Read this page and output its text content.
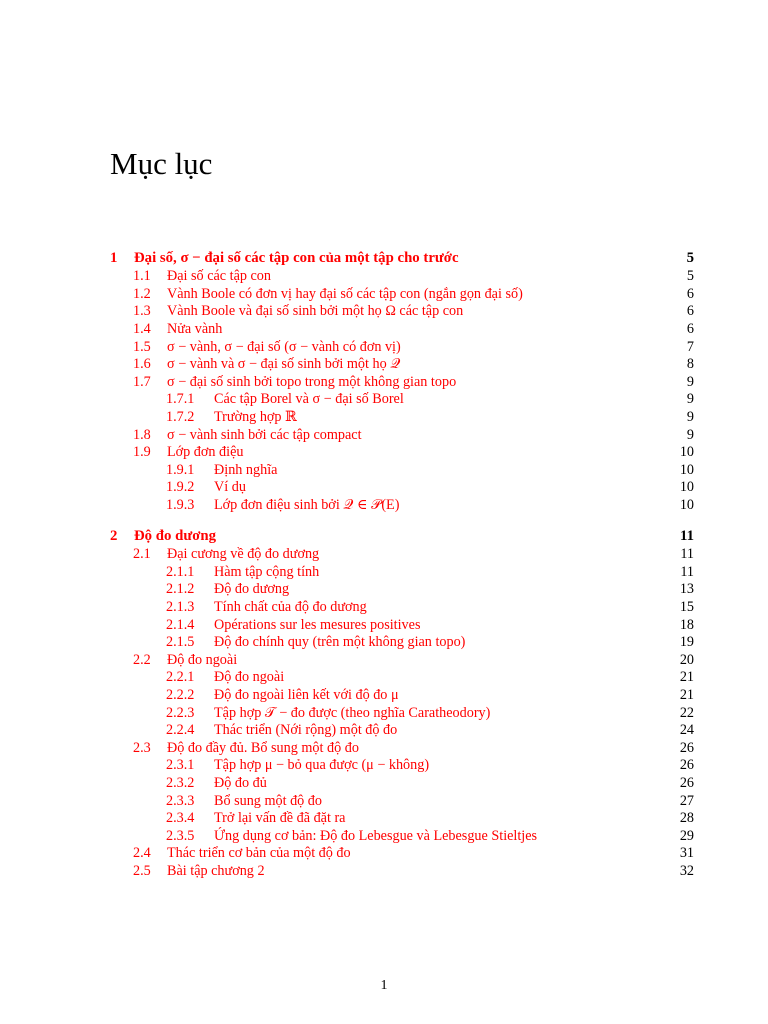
Mục lục
1	Đại số, σ − đại số các tập con của một tập cho trước	5
1.1	Đại số các tập con	5
1.2	Vành Boole có đơn vị hay đại số các tập con (ngắn gọn đại số)	6
1.3	Vành Boole và đại số sinh bởi một họ Ω các tập con	6
1.4	Nửa vành	6
1.5	σ − vành, σ − đại số (σ − vành có đơn vị)	7
1.6	σ − vành và σ − đại số sinh bởi một họ 𝒬	8
1.7	σ − đại số sinh bởi topo trong một không gian topo	9
1.7.1	Các tập Borel và σ − đại số Borel	9
1.7.2	Trường hợp ℝ	9
1.8	σ − vành sinh bởi các tập compact	9
1.9	Lớp đơn điệu	10
1.9.1	Định nghĩa	10
1.9.2	Ví dụ	10
1.9.3	Lớp đơn điệu sinh bởi 𝒬 ∈ 𝒫(E)	10
2	Độ đo dương	11
2.1	Đại cương về độ đo dương	11
2.1.1	Hàm tập cộng tính	11
2.1.2	Độ đo dương	13
2.1.3	Tính chất của độ đo dương	15
2.1.4	Opérations sur les mesures positives	18
2.1.5	Độ đo chính quy (trên một không gian topo)	19
2.2	Độ đo ngoài	20
2.2.1	Độ đo ngoài	21
2.2.2	Độ đo ngoài liên kết với độ đo μ	21
2.2.3	Tập hợp 𝒯 − đo được (theo nghĩa Caratheodory)	22
2.2.4	Thác triển (Nới rộng) một độ đo	24
2.3	Độ đo đầy đủ. Bổ sung một độ đo	26
2.3.1	Tập hợp μ − bỏ qua được (μ − không)	26
2.3.2	Độ đo đủ	26
2.3.3	Bổ sung một độ đo	27
2.3.4	Trở lại vấn đề đã đặt ra	28
2.3.5	Ứng dụng cơ bản: Độ đo Lebesgue và Lebesgue Stieltjes	29
2.4	Thác triển cơ bản của một độ đo	31
2.5	Bài tập chương 2	32
1
